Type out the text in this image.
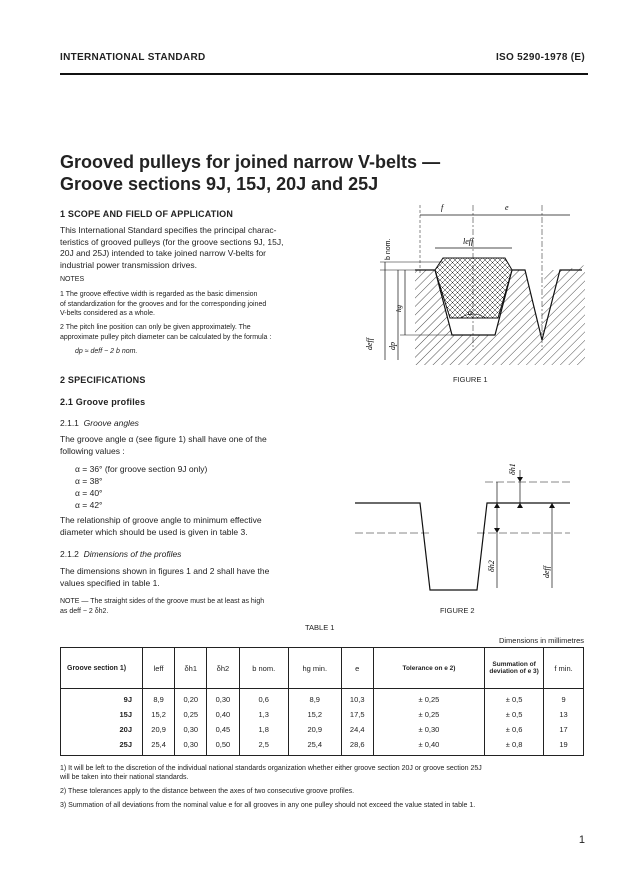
INTERNATIONAL STANDARD	ISO 5290-1978 (E)
Grooved pulleys for joined narrow V-belts —
Groove sections 9J, 15J, 20J and 25J
1 SCOPE AND FIELD OF APPLICATION
This International Standard specifies the principal charac-
teristics of grooved pulleys (for the groove sections 9J, 15J,
20J and 25J) intended to take joined narrow V-belts for
industrial power transmission drives.
NOTES
1 The groove effective width is regarded as the basic dimension
of standardization for the grooves and for the corresponding joined
V-belts considered as a whole.
2 The pitch line position can only be given approximately. The
approximate pulley pitch diameter can be calculated by the formula :
dp ≈ deff − 2 b nom.
2 SPECIFICATIONS
2.1 Groove profiles
2.1.1 Groove angles
The groove angle α (see figure 1) shall have one of the
following values :
α = 36° (for groove section 9J only)
α = 38°
α = 40°
α = 42°
The relationship of groove angle to minimum effective
diameter which should be used is given in table 3.
2.1.2 Dimensions of the profiles
The dimensions shown in figures 1 and 2 shall have the
values specified in table 1.
NOTE — The straight sides of the groove must be at least as high
as deff − 2 δh2.
f	e
leff
α
b nom.
hg
deff dp
FIGURE 1
δh1
δh2	deff
FIGURE 2
TABLE 1
Dimensions in millimetres
Groove section 1)	leff	δh1	δh2	b nom.	hg min.	e	Tolerance on e 2)	Summation of deviation of e 3)	f min.
9J	8,9	0,20	0,30	0,6	8,9	10,3	± 0,25	± 0,5	9
15J	15,2	0,25	0,40	1,3	15,2	17,5	± 0,25	± 0,5	13
20J	20,9	0,30	0,45	1,8	20,9	24,4	± 0,30	± 0,6	17
25J	25,4	0,30	0,50	2,5	25,4	28,6	± 0,40	± 0,8	19
1) It will be left to the discretion of the individual national standards organization whether either groove section 20J or groove section 25J
will be taken into their national standards.
2) These tolerances apply to the distance between the axes of two consecutive groove profiles.
3) Summation of all deviations from the nominal value e for all grooves in any one pulley should not exceed the value stated in table 1.
1
